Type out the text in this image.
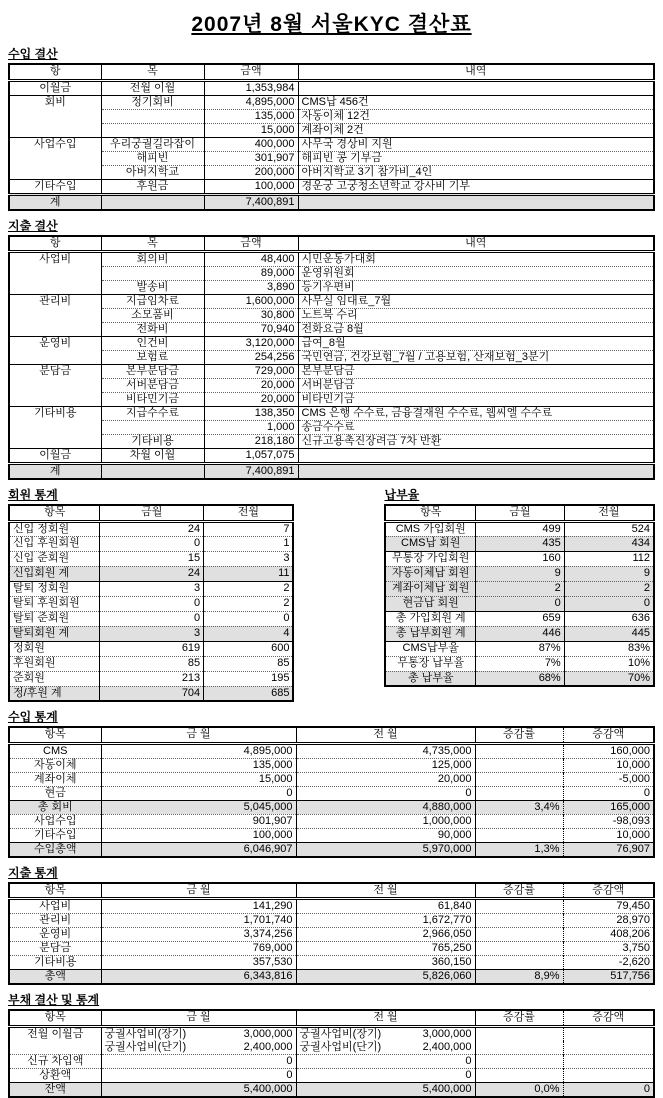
2007년 8월 서울KYC 결산표
수입 결산
항	목	금액	내역
이월금	전월 이월	1,353,984	
회비	정기회비	4,895,000	CMS납 456건
		135,000	자동이체 12건
		15,000	계좌이체 2건
사업수입	우리궁궐길라잡이	400,000	사무국 경상비 지원
	해피빈	301,907	해피빈 콩 기부금
	아버지학교	200,000	아버지학교 3기 참가비_4인
기타수입	후원금	100,000	경운궁 고궁청소년학교 강사비 기부
계		7,400,891	
지출 결산
항	목	금액	내역
사업비	회의비	48,400	시민운동가대회
		89,000	운영위원회
	발송비	3,890	등기우편비
관리비	지급임차료	1,600,000	사무실 임대료_7월
	소모품비	30,800	노트북 수리
	전화비	70,940	전화요금 8월
운영비	인건비	3,120,000	급여_8월
	보험료	254,256	국민연금, 건강보험_7월 / 고용보험, 산재보험_3분기
분담금	본부분담금	729,000	본부분담금
	서버분담금	20,000	서버분담금
	비타민기금	20,000	비타민기금
기타비용	지급수수료	138,350	CMS 은행 수수료, 금융결재원 수수료, 웹씨엘 수수료
		1,000	송금수수료
	기타비용	218,180	신규고용촉진장려금 7차 반환
이월금	차월 이월	1,057,075	
계		7,400,891	
회원 통계
항목	금월	전월
신입 정회원	24	7
신입 후원회원	0	1
신입 준회원	15	3
신입회원 계	24	11
탈퇴 정회원	3	2
탈퇴 후원회원	0	2
탈퇴 준회원	0	0
탈퇴회원 계	3	4
정회원	619	600
후원회원	85	85
준회원	213	195
정/후원 계	704	685
납부율
항목	금월	전월
CMS 가입회원	499	524
CMS납 회원	435	434
무통장 가입회원	160	112
자동이체납 회원	9	9
계좌이체납 회원	2	2
현금납 회원	0	0
총 가입회원 계	659	636
총 납부회원 계	446	445
CMS납부율	87%	83%
무통장 납부율	7%	10%
총 납부율	68%	70%
수입 통계
항목	금 월	전 월	증감률	증감액
CMS	4,895,000	4,735,000		160,000
자동이체	135,000	125,000		10,000
계좌이체	15,000	20,000		-5,000
현금	0	0		0
총 회비	5,045,000	4,880,000	3,4%	165,000
사업수입	901,907	1,000,000		-98,093
기타수입	100,000	90,000		10,000
수입총액	6,046,907	5,970,000	1,3%	76,907
지출 통계
항목	금 월	전 월	증감률	증감액
사업비	141,290	61,840		79,450
관리비	1,701,740	1,672,770		28,970
운영비	3,374,256	2,966,050		408,206
분담금	769,000	765,250		3,750
기타비용	357,530	360,150		-2,620
총액	6,343,816	5,826,060	8,9%	517,756
부채 결산 및 통계
항목	금 월	전 월	증감률	증감액
전월 이월금	궁궐사업비(장기) 3,000,000	궁궐사업비(장기) 3,000,000		

	궁궐사업비(단기) 2,400,000	궁궐사업비(단기) 2,400,000		

신규 차입액	0	0		
상환액	0	0		
잔액	5,400,000	5,400,000	0,0%	0
